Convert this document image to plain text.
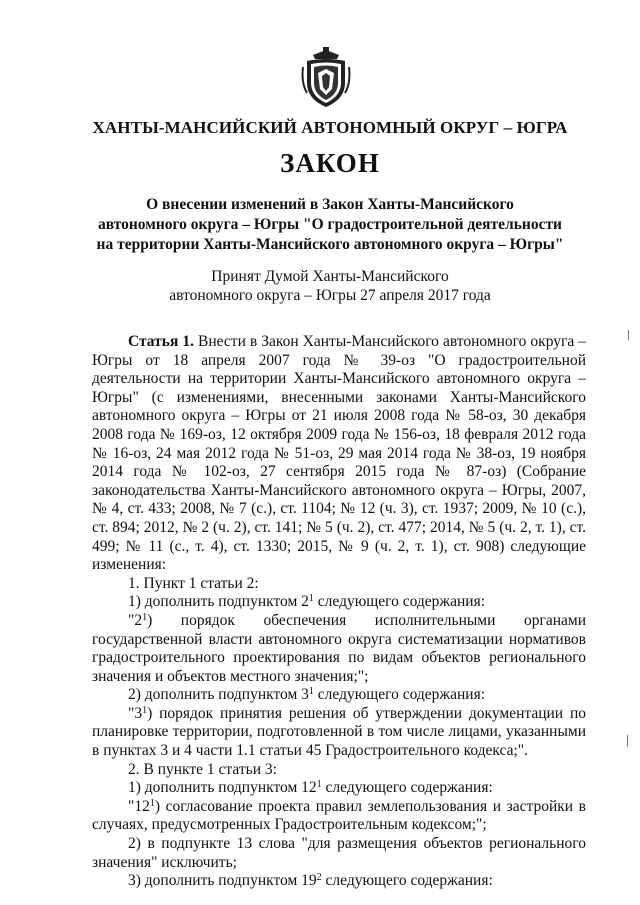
ХАНТЫ-МАНСИЙСКИЙ АВТОНОМНЫЙ ОКРУГ – ЮГРА
ЗАКОН
О внесении изменений в Закон Ханты-Мансийского
автономного округа – Югры "О градостроительной деятельности
на территории Ханты-Мансийского автономного округа – Югры"
Принят Думой Ханты-Мансийского
автономного округа – Югры 27 апреля 2017 года

Статья 1. Внести в Закон Ханты-Мансийского автономного округа – Югры от 18 апреля 2007 года № 39-оз "О градостроительной деятельности на территории Ханты-Мансийского автономного округа – Югры" (с изменениями, внесенными законами Ханты-Мансийского автономного округа – Югры от 21 июля 2008 года № 58-оз, 30 декабря 2008 года № 169-оз, 12 октября 2009 года № 156-оз, 18 февраля 2012 года № 16-оз, 24 мая 2012 года № 51-оз, 29 мая 2014 года № 38-оз, 19 ноября 2014 года № 102-оз, 27 сентября 2015 года № 87-оз) (Собрание законодательства Ханты-Мансийского автономного округа – Югры, 2007, № 4, ст. 433; 2008, № 7 (с.), ст. 1104; № 12 (ч. 3), ст. 1937; 2009, № 10 (с.), ст. 894; 2012, № 2 (ч. 2), ст. 141; № 5 (ч. 2), ст. 477; 2014, № 5 (ч. 2, т. 1), ст. 499; № 11 (с., т. 4), ст. 1330; 2015, № 9 (ч. 2, т. 1), ст. 908) следующие изменения:

1. Пункт 1 статьи 2:

1) дополнить подпунктом $2^1$ следующего содержания:

"$2^1$) порядок обеспечения исполнительными органами государственной власти автономного округа систематизации нормативов градостроительного проектирования по видам объектов регионального значения и объектов местного значения;";

2) дополнить подпунктом $3^1$ следующего содержания:

"$3^1$) порядок принятия решения об утверждении документации по планировке территории, подготовленной в том числе лицами, указанными в пунктах 3 и 4 части 1.1 статьи 45 Градостроительного кодекса;".

2. В пункте 1 статьи 3:

1) дополнить подпунктом $12^1$ следующего содержания:

"$12^1$) согласование проекта правил землепользования и застройки в случаях, предусмотренных Градостроительным кодексом;";

2) в подпункте 13 слова "для размещения объектов регионального значения" исключить;

3) дополнить подпунктом $19^2$ следующего содержания:
